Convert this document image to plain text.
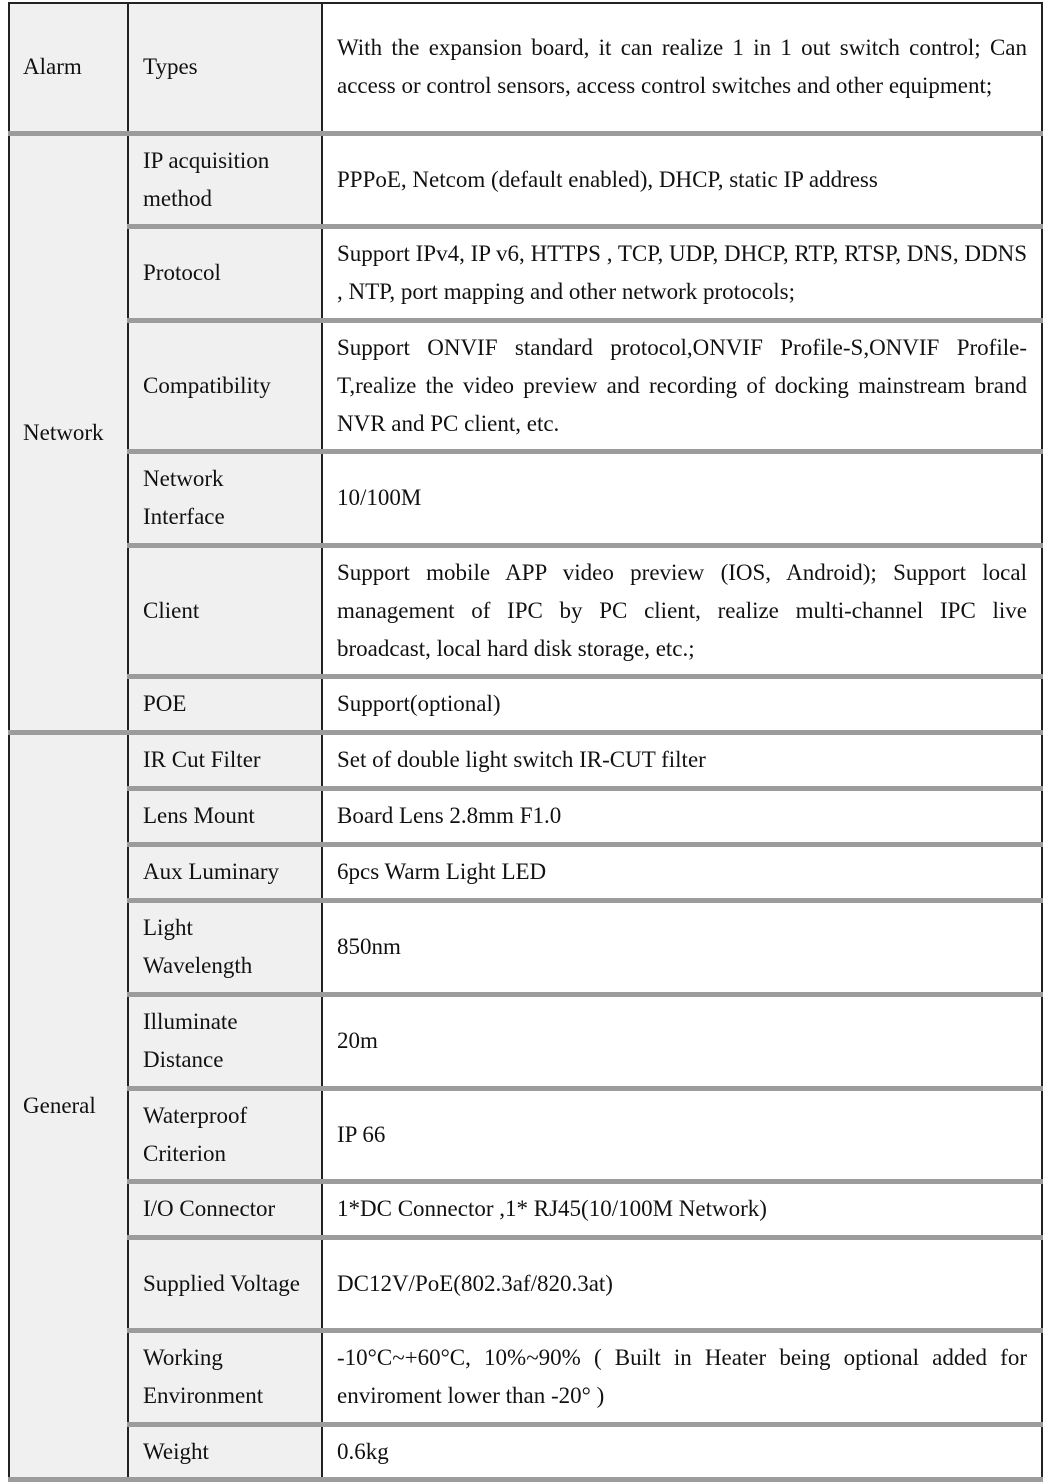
Alarm	Types	With the expansion board, it can realize 1 in 1 out switch control; Can access or control sensors, access control switches and other equipment;
Network	IP acquisition method	PPPoE, Netcom (default enabled), DHCP, static IP address
	Protocol	Support IPv4, IP v6, HTTPS , TCP, UDP, DHCP, RTP, RTSP, DNS, DDNS , NTP, port mapping and other network protocols;
	Compatibility	Support ONVIF standard protocol,ONVIF Profile-S,ONVIF Profile-T,realize the video preview and recording of docking mainstream brand NVR and PC client, etc.
	Network Interface	10/100M
	Client	Support mobile APP video preview (IOS, Android); Support local management of IPC by PC client, realize multi-channel IPC live broadcast, local hard disk storage, etc.;
	POE	Support(optional)
General	IR Cut Filter	Set of double light switch IR-CUT filter
	Lens Mount	Board Lens 2.8mm F1.0
	Aux Luminary	6pcs Warm Light LED
	Light Wavelength	850nm
	Illuminate Distance	20m
	Waterproof Criterion	IP 66
	I/O Connector	1*DC Connector ,1* RJ45(10/100M Network)
	Supplied Voltage	DC12V/PoE(802.3af/820.3at)
	Working Environment	-10°C~+60°C, 10%~90% ( Built in Heater being optional added for enviroment lower than -20° )
	Weight	0.6kg
